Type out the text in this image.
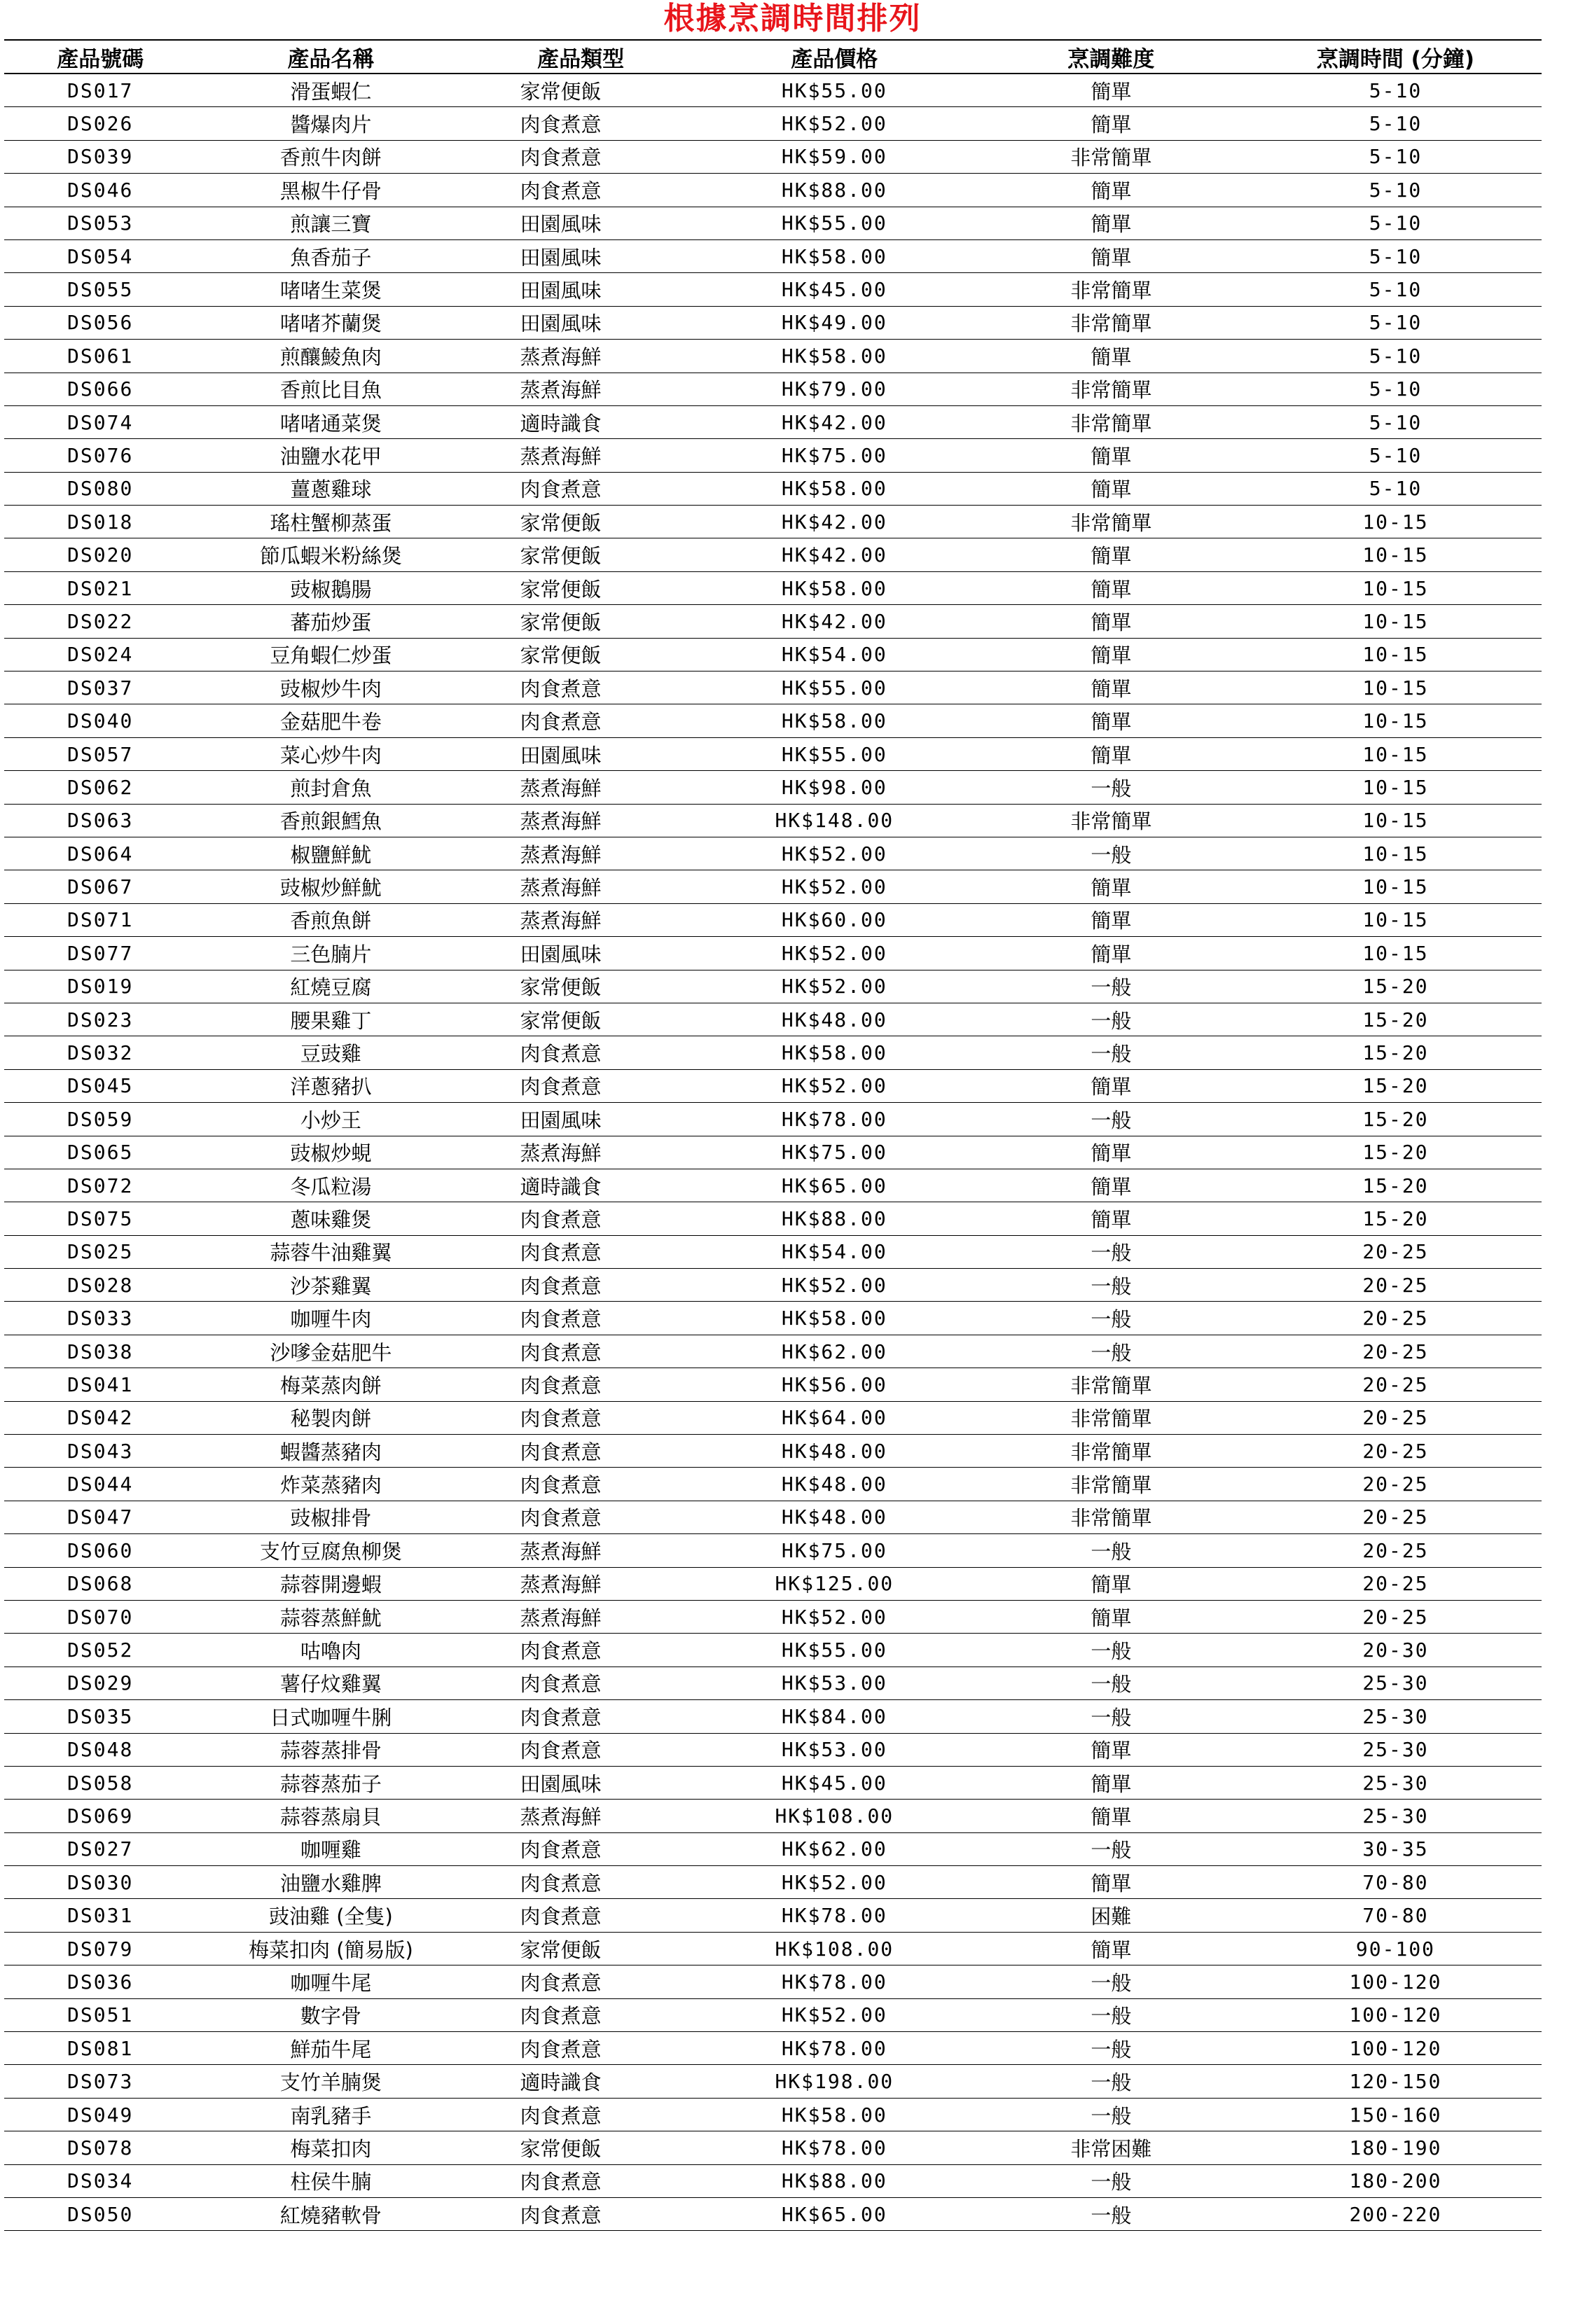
根據烹調時間排列
產品號碼	產品名稱	產品類型	產品價格	烹調難度	烹調時間 (分鐘)
DS017	滑蛋蝦仁	家常便飯	HK$55.00	簡單	5-10
DS026	醬爆肉片	肉食煮意	HK$52.00	簡單	5-10
DS039	香煎牛肉餅	肉食煮意	HK$59.00	非常簡單	5-10
DS046	黑椒牛仔骨	肉食煮意	HK$88.00	簡單	5-10
DS053	煎讓三寶	田園風味	HK$55.00	簡單	5-10
DS054	魚香茄子	田園風味	HK$58.00	簡單	5-10
DS055	啫啫生菜煲	田園風味	HK$45.00	非常簡單	5-10
DS056	啫啫芥蘭煲	田園風味	HK$49.00	非常簡單	5-10
DS061	煎釀鯪魚肉	蒸煮海鮮	HK$58.00	簡單	5-10
DS066	香煎比目魚	蒸煮海鮮	HK$79.00	非常簡單	5-10
DS074	啫啫通菜煲	適時識食	HK$42.00	非常簡單	5-10
DS076	油鹽水花甲	蒸煮海鮮	HK$75.00	簡單	5-10
DS080	薑蔥雞球	肉食煮意	HK$58.00	簡單	5-10
DS018	瑤柱蟹柳蒸蛋	家常便飯	HK$42.00	非常簡單	10-15
DS020	節瓜蝦米粉絲煲	家常便飯	HK$42.00	簡單	10-15
DS021	豉椒鵝腸	家常便飯	HK$58.00	簡單	10-15
DS022	蕃茄炒蛋	家常便飯	HK$42.00	簡單	10-15
DS024	豆角蝦仁炒蛋	家常便飯	HK$54.00	簡單	10-15
DS037	豉椒炒牛肉	肉食煮意	HK$55.00	簡單	10-15
DS040	金菇肥牛卷	肉食煮意	HK$58.00	簡單	10-15
DS057	菜心炒牛肉	田園風味	HK$55.00	簡單	10-15
DS062	煎封倉魚	蒸煮海鮮	HK$98.00	一般	10-15
DS063	香煎銀鱈魚	蒸煮海鮮	HK$148.00	非常簡單	10-15
DS064	椒鹽鮮魷	蒸煮海鮮	HK$52.00	一般	10-15
DS067	豉椒炒鮮魷	蒸煮海鮮	HK$52.00	簡單	10-15
DS071	香煎魚餅	蒸煮海鮮	HK$60.00	簡單	10-15
DS077	三色腩片	田園風味	HK$52.00	簡單	10-15
DS019	紅燒豆腐	家常便飯	HK$52.00	一般	15-20
DS023	腰果雞丁	家常便飯	HK$48.00	一般	15-20
DS032	豆豉雞	肉食煮意	HK$58.00	一般	15-20
DS045	洋蔥豬扒	肉食煮意	HK$52.00	簡單	15-20
DS059	小炒王	田園風味	HK$78.00	一般	15-20
DS065	豉椒炒蜆	蒸煮海鮮	HK$75.00	簡單	15-20
DS072	冬瓜粒湯	適時識食	HK$65.00	簡單	15-20
DS075	蔥味雞煲	肉食煮意	HK$88.00	簡單	15-20
DS025	蒜蓉牛油雞翼	肉食煮意	HK$54.00	一般	20-25
DS028	沙茶雞翼	肉食煮意	HK$52.00	一般	20-25
DS033	咖喱牛肉	肉食煮意	HK$58.00	一般	20-25
DS038	沙嗲金菇肥牛	肉食煮意	HK$62.00	一般	20-25
DS041	梅菜蒸肉餅	肉食煮意	HK$56.00	非常簡單	20-25
DS042	秘製肉餅	肉食煮意	HK$64.00	非常簡單	20-25
DS043	蝦醬蒸豬肉	肉食煮意	HK$48.00	非常簡單	20-25
DS044	炸菜蒸豬肉	肉食煮意	HK$48.00	非常簡單	20-25
DS047	豉椒排骨	肉食煮意	HK$48.00	非常簡單	20-25
DS060	支竹豆腐魚柳煲	蒸煮海鮮	HK$75.00	一般	20-25
DS068	蒜蓉開邊蝦	蒸煮海鮮	HK$125.00	簡單	20-25
DS070	蒜蓉蒸鮮魷	蒸煮海鮮	HK$52.00	簡單	20-25
DS052	咕嚕肉	肉食煮意	HK$55.00	一般	20-30
DS029	薯仔炆雞翼	肉食煮意	HK$53.00	一般	25-30
DS035	日式咖喱牛脷	肉食煮意	HK$84.00	一般	25-30
DS048	蒜蓉蒸排骨	肉食煮意	HK$53.00	簡單	25-30
DS058	蒜蓉蒸茄子	田園風味	HK$45.00	簡單	25-30
DS069	蒜蓉蒸扇貝	蒸煮海鮮	HK$108.00	簡單	25-30
DS027	咖喱雞	肉食煮意	HK$62.00	一般	30-35
DS030	油鹽水雞脾	肉食煮意	HK$52.00	簡單	70-80
DS031	豉油雞 (全隻)	肉食煮意	HK$78.00	困難	70-80
DS079	梅菜扣肉 (簡易版)	家常便飯	HK$108.00	簡單	90-100
DS036	咖喱牛尾	肉食煮意	HK$78.00	一般	100-120
DS051	數字骨	肉食煮意	HK$52.00	一般	100-120
DS081	鮮茄牛尾	肉食煮意	HK$78.00	一般	100-120
DS073	支竹羊腩煲	適時識食	HK$198.00	一般	120-150
DS049	南乳豬手	肉食煮意	HK$58.00	一般	150-160
DS078	梅菜扣肉	家常便飯	HK$78.00	非常困難	180-190
DS034	柱侯牛腩	肉食煮意	HK$88.00	一般	180-200
DS050	紅燒豬軟骨	肉食煮意	HK$65.00	一般	200-220
